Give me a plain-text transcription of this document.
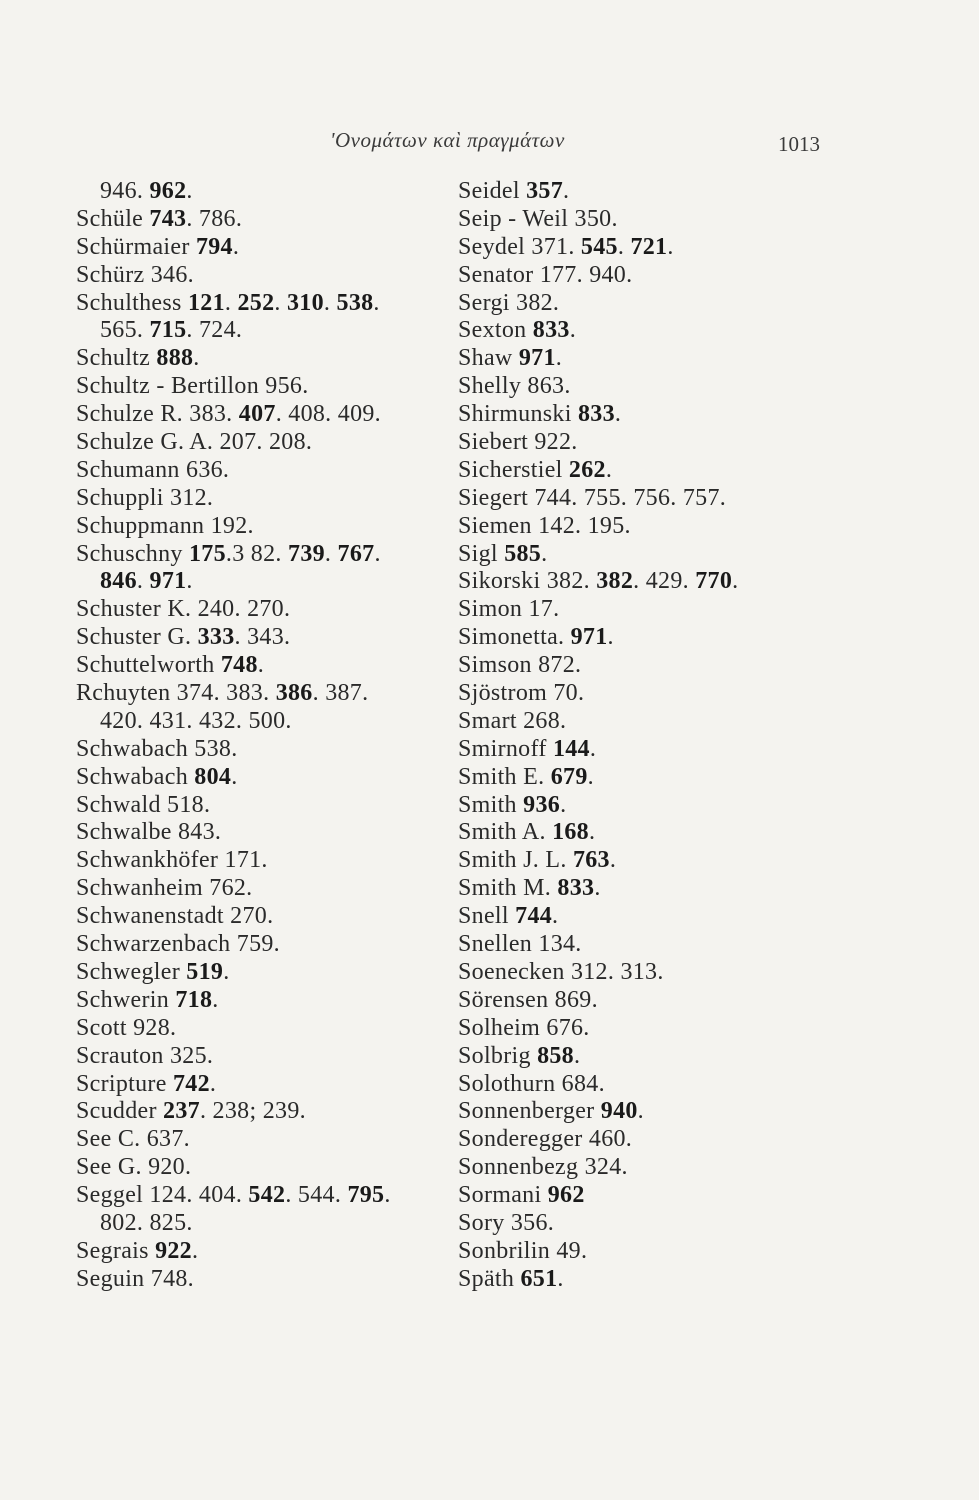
'Ονομάτων καὶ πραγμάτων	1013
946. 962.
Schüle 743. 786.
Schürmaier 794.
Schürz 346.
Schulthess 121. 252. 310. 538.
565. 715. 724.
Schultz 888.
Schultz - Bertillon 956.
Schulze R. 383. 407. 408. 409.
Schulze G. A. 207. 208.
Schumann 636.
Schuppli 312.
Schuppmann 192.
Schuschny 175.3 82. 739. 767.
846. 971.
Schuster K. 240. 270.
Schuster G. 333. 343.
Schuttelworth 748.
Rchuyten 374. 383. 386. 387.
420. 431. 432. 500.
Schwabach 538.
Schwabach 804.
Schwald 518.
Schwalbe 843.
Schwankhöfer 171.
Schwanheim 762.
Schwanenstadt 270.
Schwarzenbach 759.
Schwegler 519.
Schwerin 718.
Scott 928.
Scrauton 325.
Scripture 742.
Scudder 237. 238; 239.
See C. 637.
See G. 920.
Seggel 124. 404. 542. 544. 795.
802. 825.
Segrais 922.
Seguin 748.
Seidel 357.
Seip - Weil 350.
Seydel 371. 545. 721.
Senator 177. 940.
Sergi 382.
Sexton 833.
Shaw 971.
Shelly 863.
Shirmunski 833.
Siebert 922.
Sicherstiel 262.
Siegert 744. 755. 756. 757.
Siemen 142. 195.
Sigl 585.
Sikorski 382. 382. 429. 770.
Simon 17.
Simonetta. 971.
Simson 872.
Sjöstrom 70.
Smart 268.
Smirnoff 144.
Smith E. 679.
Smith 936.
Smith A. 168.
Smith J. L. 763.
Smith M. 833.
Snell 744.
Snellen 134.
Soenecken 312. 313.
Sörensen 869.
Solheim 676.
Solbrig 858.
Solothurn 684.
Sonnenberger 940.
Sonderegger 460.
Sonnenbezg 324.
Sormani 962
Sory 356.
Sonbrilin 49.
Späth 651.
